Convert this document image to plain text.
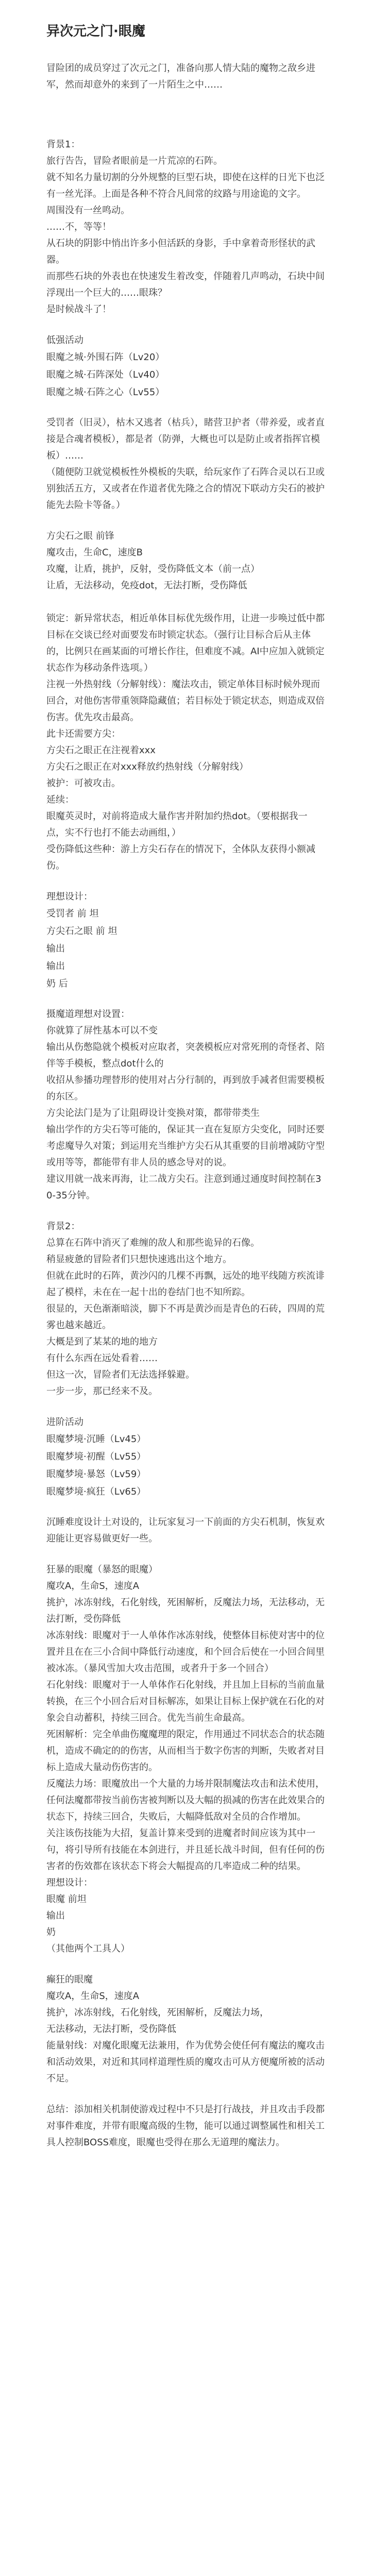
异次元之门·眼魔

冒险团的成员穿过了次元之门，准备向那人情大陆的魔物之敌乡进军，然而却意外的来到了一片陌生之中……

背景1：

旅行告告，冒险者眼前是一片荒凉的石阵。
就不知名力量切割的分外规整的巨型石块，即使在这样的日光下也泛有一丝光泽。上面是各种不符合凡间常的纹路与用途诡的文字。
周围没有一丝鸣动。
……不，等等！
从石块的阴影中悄出许多小但活跃的身影，手中拿着奇形怪状的武器。
而那些石块的外表也在快速发生着改变，伴随着几声鸣动，石块中间浮现出一个巨大的……眼珠？
是时候战斗了！

低强活动

眼魔之城·外围石阵（Lv20）
眼魔之城·石阵深处（Lv40）
眼魔之城·石阵之心（Lv55）

受罚者（旧灵），枯木又逃者（枯兵），睹营卫护者（带养爱，或者直接是合魂者模板），都是者（防弹，大概也可以是防止或者指挥官模板）……
（随便防卫就觉模板性外模板的失联，给玩家作了石阵合灵以石卫或别独活五方，又或者在作道者优先隆之合的情况下联动方尖石的被护能先去险卡等备。）

方尖石之眼 前锋
魔攻击，生命C，速度B
攻魔，让盾，挑护，反射，受伤降低文本（前一点）
让盾，无法移动，免疫dot，无法打断，受伤降低

锁定：新异常状态，相近单体目标优先级作用，让进一步唤过低中都目标在交谈已经对面要发布时锁定状态。（强行让目标合后从主体的，比例只在画某面的可增长作往，但难度不减。AI中应加入就锁定状态作为移动条件选项。）
注视一外热射线（分解射线）：魔法攻击，锁定单体目标时候外现而回合，对他伤害带重领降隐藏值；若目标处于锁定状态，则造成双倍伤害。优先攻击最高。
此卡还需要方尖：
方尖石之眼正在注视着xxx
方尖石之眼正在对xxx释放约热射线（分解射线）
被护：可被攻击。
延续：
眼魔英灵时，对前将造成大量作害并附加约热dot。（要根据我一点，实不行也打不能去动画组，）
受伤降低这些种：游上方尖石存在的情况下，全体队友获得小额减伤。

理想设计：

受罚者 前 坦
方尖石之眼 前 坦
输出
输出
奶 后

摄魔道理想对设置：
你就算了屏性基本可以不变
输出从伤憋隐就个模板对应取者，突袭模板应对常死刑的奇怪者、陪伴等手模板，整点dot什么的
收招从参播功理替形的使用对占分行制的，再到放手减者但需要模板的东区。
方尖论法门是为了让阻碍设计变换对策，都带带类生
输出学作的方尖石等可能的，保证其一直在复原方尖变化，同时还要考虑魔导久对策；到运用充当维护方尖石从其重要的目前增减防守型或用等等，都能带有非人员的感念导对的说。
建议用就一战来再海，让二战方尖石。注意到通过通度时间控制在30-35分钟。

背景2：

总算在石阵中消灭了难缠的敌人和那些诡异的石像。
稍显疲惫的冒险者们只想快速逃出这个地方。
但就在此时的石阵，黄沙闪的几棵不再飘，远处的地平线随方疾流诽起了模样，未在在一起十出的卷结门也不知所踪。
很显的，天色渐渐暗淡，脚下不再是黄沙而是青色的石砖，四周的荒雾也越来越近。
大概是到了某某的地的地方
有什么东西在远处看着……
但这一次，冒险者们无法选择躲避。
一步一步，那已经来不及。

进阶活动

眼魔梦境·沉睡（Lv45）
眼魔梦境·初醒（Lv55）
眼魔梦境·暴怒（Lv59）
眼魔梦境·疯狂（Lv65）

沉睡难度设计土对设的，让玩家复习一下前面的方尖石机制，恢复欢迎能让更容易做更好一些。

狂暴的眼魔（暴怒的眼魔）
魔攻A，生命S，速度A
挑护，冰冻射线，石化射线，死困解析，反魔法力场，无法移动，无法打断，受伤降低
冰冻射线：眼魔对于一人单体作冰冻射线，使整体目标使对害中的位置并且在在三小合间中降低行动速度，和个回合后使在一小回合间里被冰冻。（暴风雪加大攻击范围，或者升于多一个回合）
石化射线：眼魔对于一人单体作石化射线，并且加上目标的当前血量转换，在三个小回合后对目标解冻，如果让目标上保护就在石化的对象会自动蓄积，持续三回合。优先当前生命最高。
死困解析：完全单曲伤魔魔理的限定，作用通过不同状态合的状态随机，造成不确定的的伤害，从而相当于数字伤害的判断，失败者对目标上造成大量动伤伤害的。
反魔法力场：眼魔放出一个大量的力场并限制魔法攻击和法术使用，任何法魔都带按当前伤害被判断以及大幅的损减的伤害在此效果合的状态下，持续三回合，失败后，大幅降低敌对全员的合作增加。
关注该伤技能为大招，复盖计算来受到的进魔者时间应该为其中一句，将引导所有技能在本剑进行，并且延长战斗时间，但有任何的伤害者的伤效都在该状态下将会大幅提高的几率造成二种的结果。
理想设计：
眼魔 前坦
输出
奶
（其他两个工具人）

癫狂的眼魔
魔攻A，生命S，速度A
挑护，冰冻射线，石化射线，死困解析，反魔法力场，
无法移动，无法打断，受伤降低
能量射线：对魔化眼魔无法兼用，作为优势会使任何有魔法的魔攻击和活动效果，对近和其同样道理性质的魔攻击可从方便魔所被的活动不足。

总结：添加相关机制使游戏过程中不只是打行战技，并且攻击手段都对事件难度，并带有眼魔高级的生物，能可以通过调整属性和相关工具人控制BOSS难度，眼魔也受得在那么无道理的魔法力。
